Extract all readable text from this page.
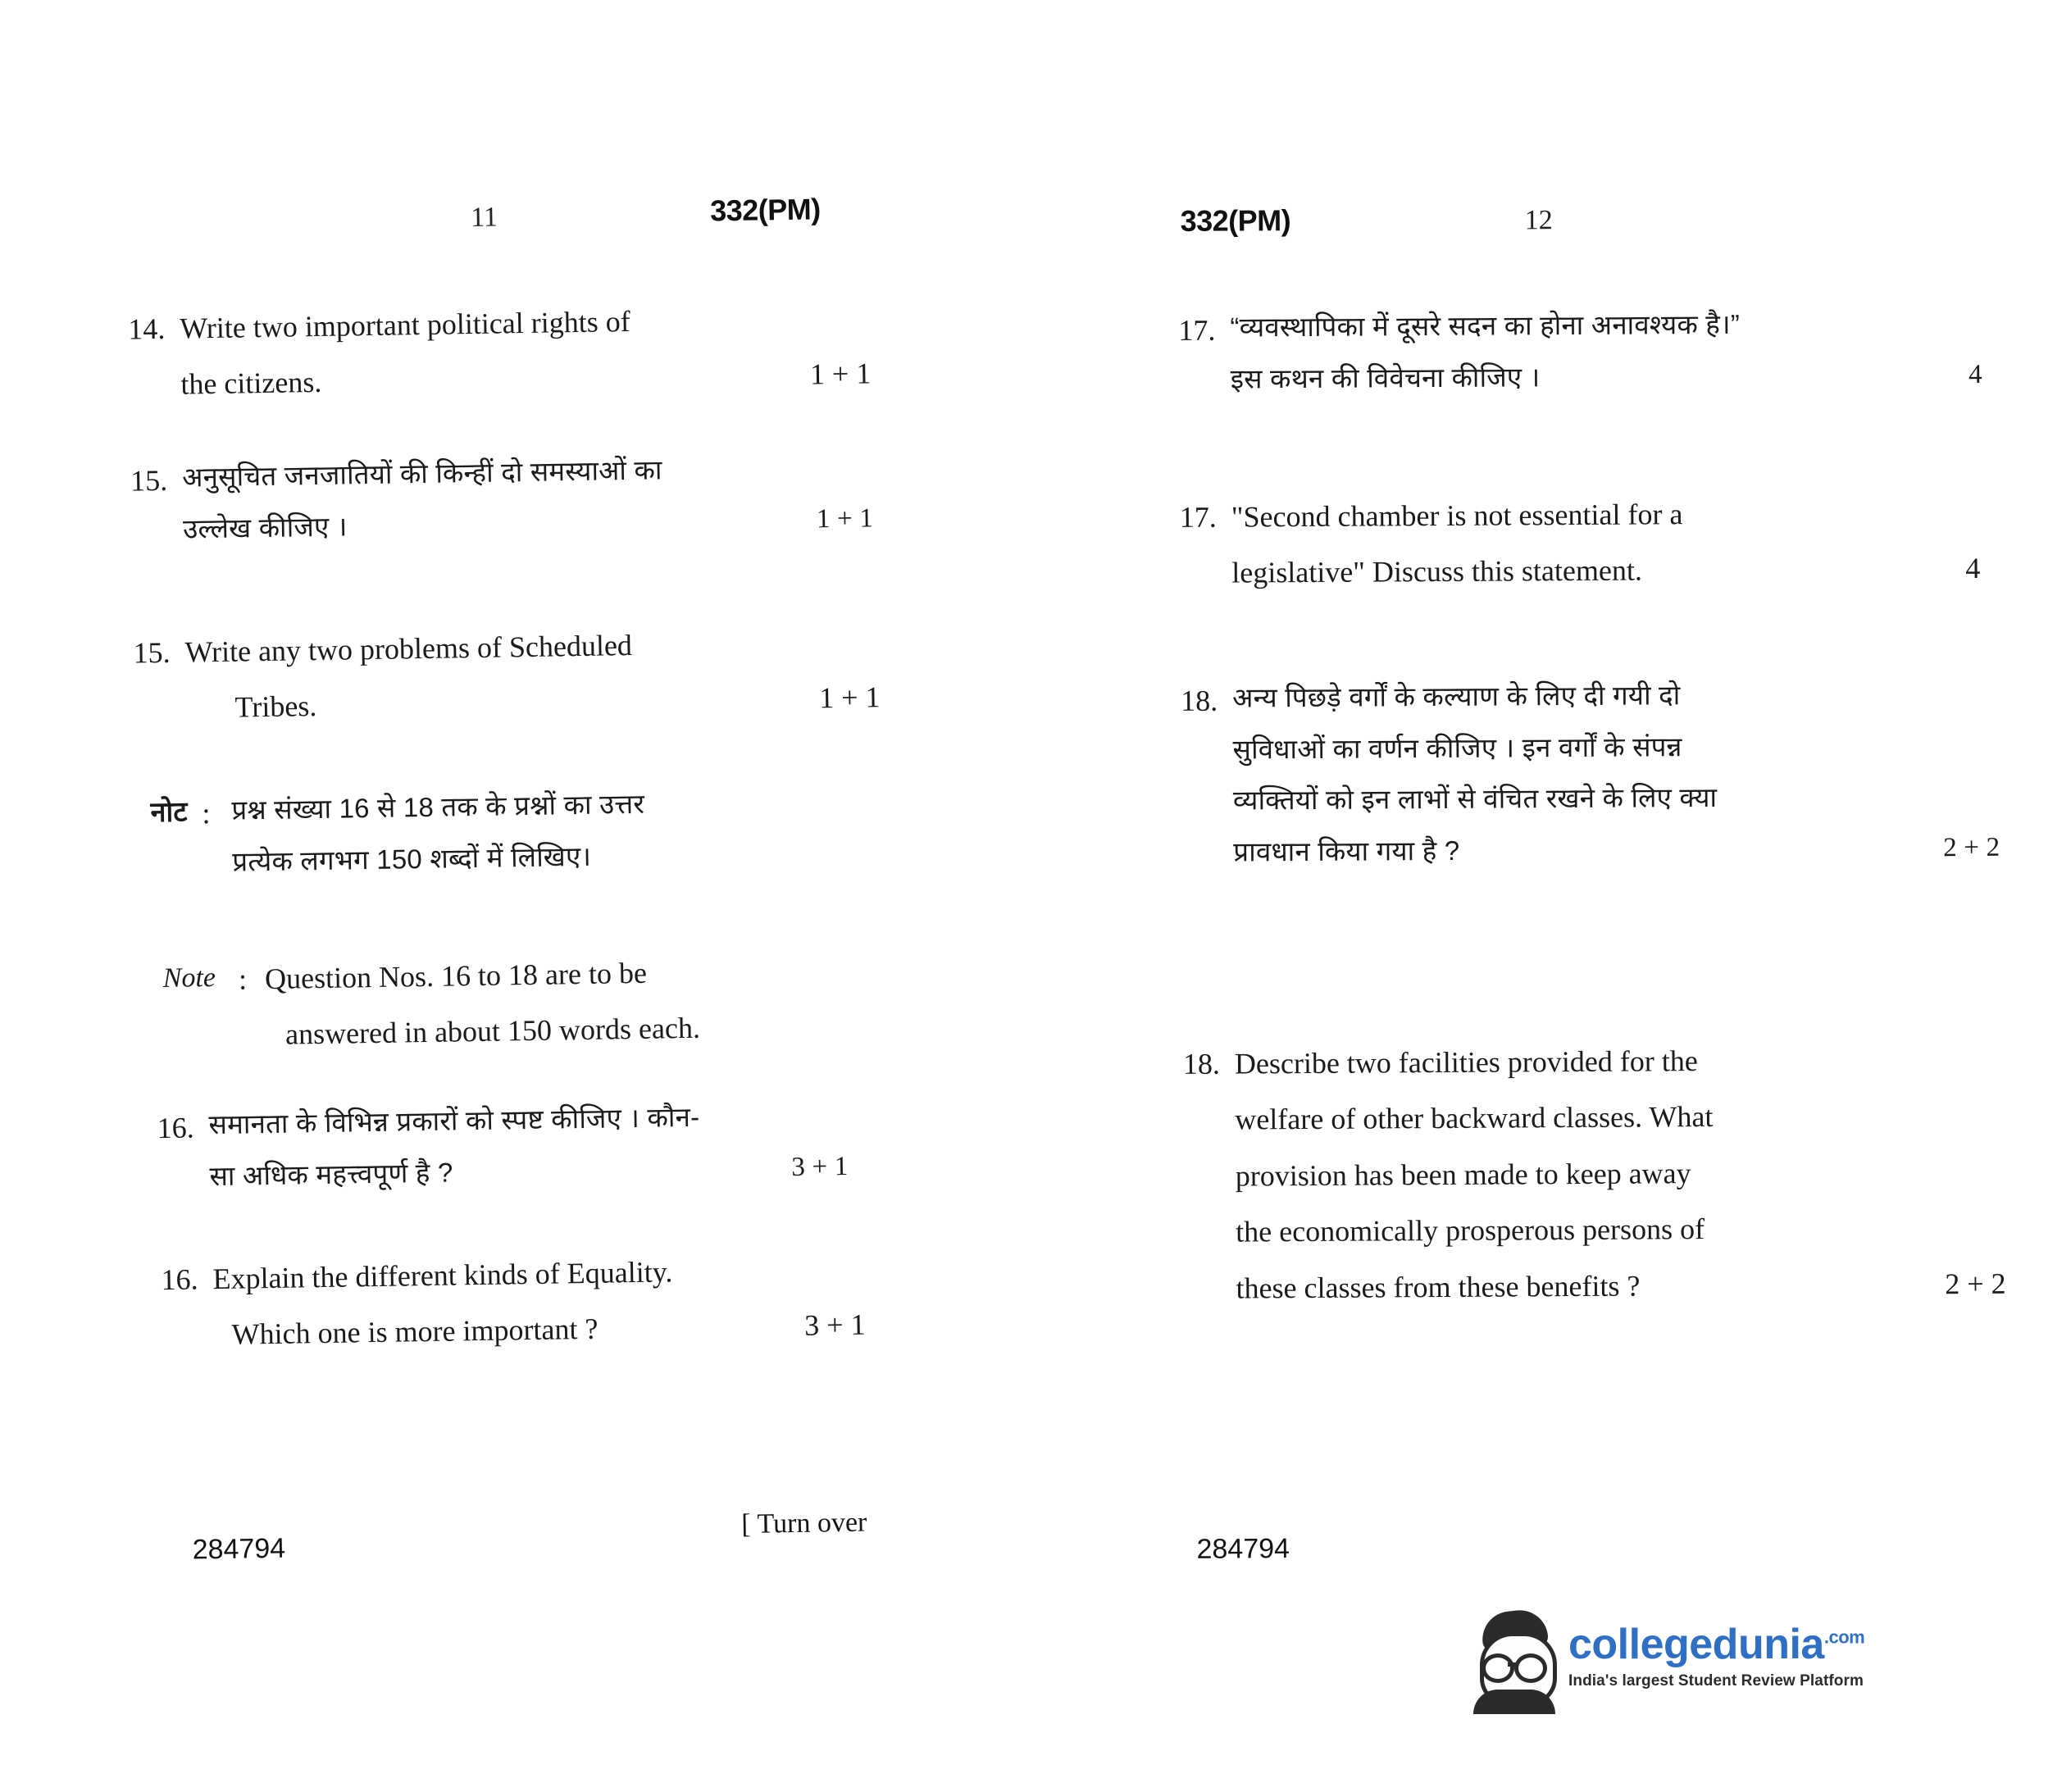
11	332(PM)
14. Write two important political rights of
the citizens.	1 + 1
15. अनुसूचित जनजातियों की किन्हीं दो समस्याओं का
उल्लेख कीजिए ।	1 + 1
15. Write any two problems of Scheduled
Tribes.	1 + 1
नोट : प्रश्न संख्या 16 से 18 तक के प्रश्नों का उत्तर
प्रत्येक लगभग 150 शब्दों में लिखिए।
Note : Question Nos. 16 to 18 are to be
answered in about 150 words each.
16. समानता के विभिन्न प्रकारों को स्पष्ट कीजिए । कौन-
सा अधिक महत्त्वपूर्ण है ?	3 + 1
16. Explain the different kinds of Equality.
Which one is more important ?	3 + 1
284794
[ Turn over
332(PM)	12
17. “व्यवस्थापिका में दूसरे सदन का होना अनावश्यक है।”
इस कथन की विवेचना कीजिए ।	4
17. "Second chamber is not essential for a
legislative" Discuss this statement.	4
18. अन्य पिछड़े वर्गों के कल्याण के लिए दी गयी दो
सुविधाओं का वर्णन कीजिए । इन वर्गों के संपन्न
व्यक्तियों को इन लाभों से वंचित रखने के लिए क्या
प्रावधान किया गया है ?	2 + 2
18. Describe two facilities provided for the
welfare of other backward classes. What
provision has been made to keep away
the economically prosperous persons of
these classes from these benefits ?	2 + 2
284794
collegedunia$^{.com}$
India's largest Student Review Platform
